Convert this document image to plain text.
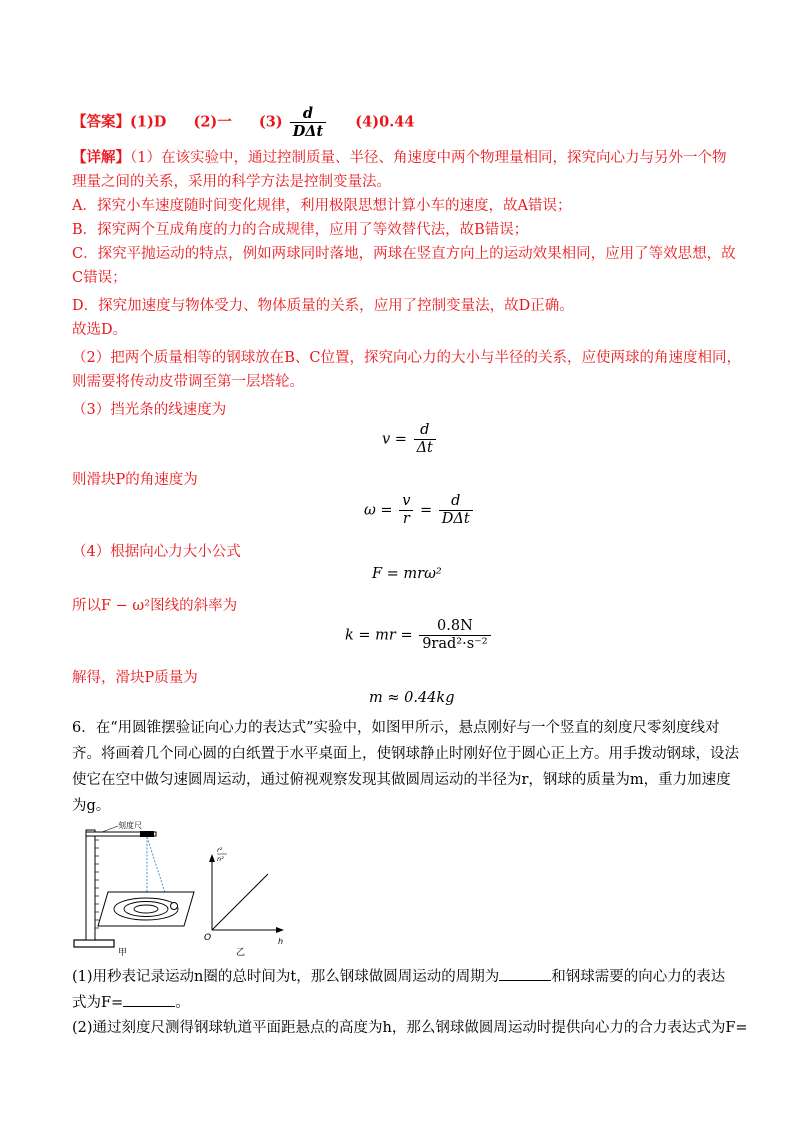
【答案】(1)D (2)一 $(3) \frac{d}{\text{DΔt}} (4)0.44$
【详解】（1）在该实验中，通过控制质量、半径、角速度中两个物理量相同，探究向心力与另外一个物
理量之间的关系，采用的科学方法是控制变量法。
A．探究小车速度随时间变化规律，利用极限思想计算小车的速度，故A错误；
B．探究两个互成角度的力的合成规律，应用了等效替代法，故B错误；
C．探究平抛运动的特点，例如两球同时落地，两球在竖直方向上的运动效果相同，应用了等效思想，故
C错误；
D．探究加速度与物体受力、物体质量的关系，应用了控制变量法，故D正确。
故选D。
（2）把两个质量相等的钢球放在B、C位置，探究向心力的大小与半径的关系，应使两球的角速度相同，
则需要将传动皮带调至第一层塔轮。
（3）挡光条的线速度为
$v = \frac{d}{\Delta t}$
则滑块P的角速度为
$\omega = \frac{v}{r} = \frac{d}{\text{DΔt}}$
（4）根据向心力大小公式
F = mrω²
所以F − ω²图线的斜率为
k = mr = $\frac{0.8N}{\text{9rad²·s⁻²}}$
解得，滑块P质量为
m ≈ 0.44kg
6．在“用圆锥摆验证向心力的表达式”实验中，如图甲所示，悬点刚好与一个竖直的刻度尺零刻度线对
齐。将画着几个同心圆的白纸置于水平桌面上，使钢球静止时刚好位于圆心正上方。用手拨动钢球，设法
使它在空中做匀速圆周运动，通过俯视观察发现其做圆周运动的半径为r，钢球的质量为m，重力加速度
为g。
刻度尺
甲
O	h
r²
n²
乙
(1)用秒表记录运动n圈的总时间为t，那么钢球做圆周运动的周期为	和钢球需要的向心力的表达
式为F=	。
(2)通过刻度尺测得钢球轨道平面距悬点的高度为h，那么钢球做圆周运动时提供向心力的合力表达式为F=
